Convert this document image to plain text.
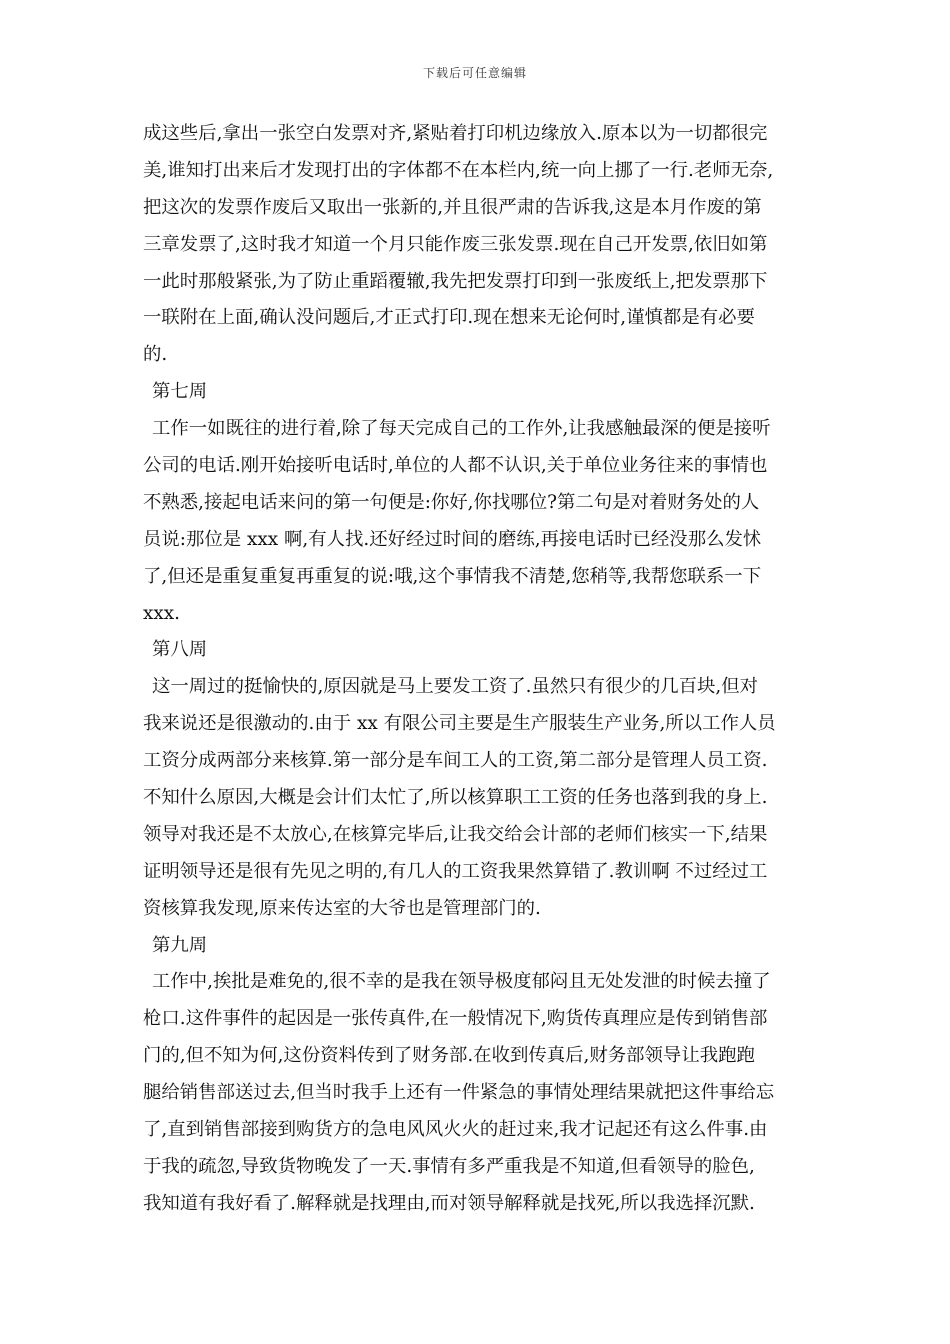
下载后可任意编辑
成这些后,拿出一张空白发票对齐,紧贴着打印机边缘放入.原本以为一切都很完
美,谁知打出来后才发现打出的字体都不在本栏内,统一向上挪了一行.老师无奈,
把这次的发票作废后又取出一张新的,并且很严肃的告诉我,这是本月作废的第
三章发票了,这时我才知道一个月只能作废三张发票.现在自己开发票,依旧如第
一此时那般紧张,为了防止重蹈覆辙,我先把发票打印到一张废纸上,把发票那下
一联附在上面,确认没问题后,才正式打印.现在想来无论何时,谨慎都是有必要
的.
第七周
工作一如既往的进行着,除了每天完成自己的工作外,让我感触最深的便是接听
公司的电话.刚开始接听电话时,单位的人都不认识,关于单位业务往来的事情也
不熟悉,接起电话来问的第一句便是:你好,你找哪位?第二句是对着财务处的人
员说:那位是 xxx 啊,有人找.还好经过时间的磨练,再接电话时已经没那么发怵
了,但还是重复重复再重复的说:哦,这个事情我不清楚,您稍等,我帮您联系一下
xxx.
第八周
这一周过的挺愉快的,原因就是马上要发工资了.虽然只有很少的几百块,但对
我来说还是很激动的.由于 xx 有限公司主要是生产服装生产业务,所以工作人员
工资分成两部分来核算.第一部分是车间工人的工资,第二部分是管理人员工资.
不知什么原因,大概是会计们太忙了,所以核算职工工资的任务也落到我的身上.
领导对我还是不太放心,在核算完毕后,让我交给会计部的老师们核实一下,结果
证明领导还是很有先见之明的,有几人的工资我果然算错了.教训啊 不过经过工
资核算我发现,原来传达室的大爷也是管理部门的.
第九周
工作中,挨批是难免的,很不幸的是我在领导极度郁闷且无处发泄的时候去撞了
枪口.这件事件的起因是一张传真件,在一般情况下,购货传真理应是传到销售部
门的,但不知为何,这份资料传到了财务部.在收到传真后,财务部领导让我跑跑
腿给销售部送过去,但当时我手上还有一件紧急的事情处理结果就把这件事给忘
了,直到销售部接到购货方的急电风风火火的赶过来,我才记起还有这么件事.由
于我的疏忽,导致货物晚发了一天.事情有多严重我是不知道,但看领导的脸色,
我知道有我好看了.解释就是找理由,而对领导解释就是找死,所以我选择沉默.
